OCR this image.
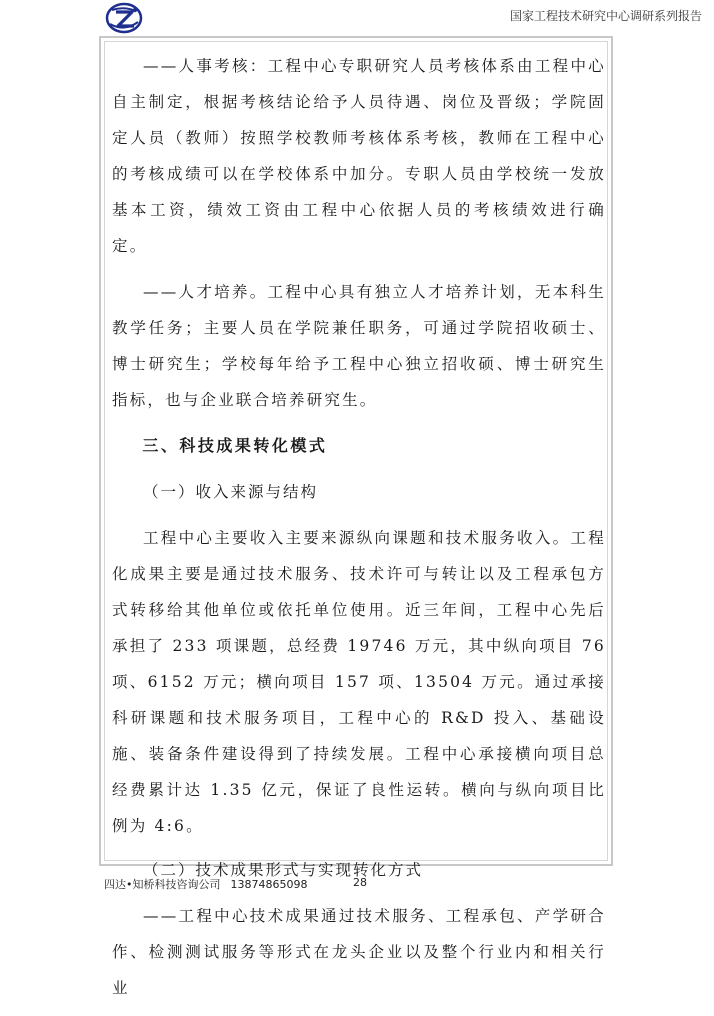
国家工程技术研究中心调研系列报告

——人事考核：工程中心专职研究人员考核体系由工程中心自主制定，根据考核结论给予人员待遇、岗位及晋级；学院固定人员（教师）按照学校教师考核体系考核，教师在工程中心的考核成绩可以在学校体系中加分。专职人员由学校统一发放基本工资，绩效工资由工程中心依据人员的考核绩效进行确定。

——人才培养。工程中心具有独立人才培养计划，无本科生教学任务；主要人员在学院兼任职务，可通过学院招收硕士、博士研究生；学校每年给予工程中心独立招收硕、博士研究生指标，也与企业联合培养研究生。

三、科技成果转化模式
（一）收入来源与结构

工程中心主要收入主要来源纵向课题和技术服务收入。工程化成果主要是通过技术服务、技术许可与转让以及工程承包方式转移给其他单位或依托单位使用。近三年间，工程中心先后承担了 233 项课题，总经费 19746 万元，其中纵向项目 76 项、6152 万元；横向项目 157 项、13504 万元。通过承接科研课题和技术服务项目，工程中心的 R&D 投入、基础设施、装备条件建设得到了持续发展。工程中心承接横向项目总经费累计达 1.35 亿元，保证了良性运转。横向与纵向项目比例为 4:6。

（二）技术成果形式与实现转化方式

——工程中心技术成果通过技术服务、工程承包、产学研合作、检测测试服务等形式在龙头企业以及整个行业内和相关行业

四达•知桥科技咨询公司 13874865098	28
